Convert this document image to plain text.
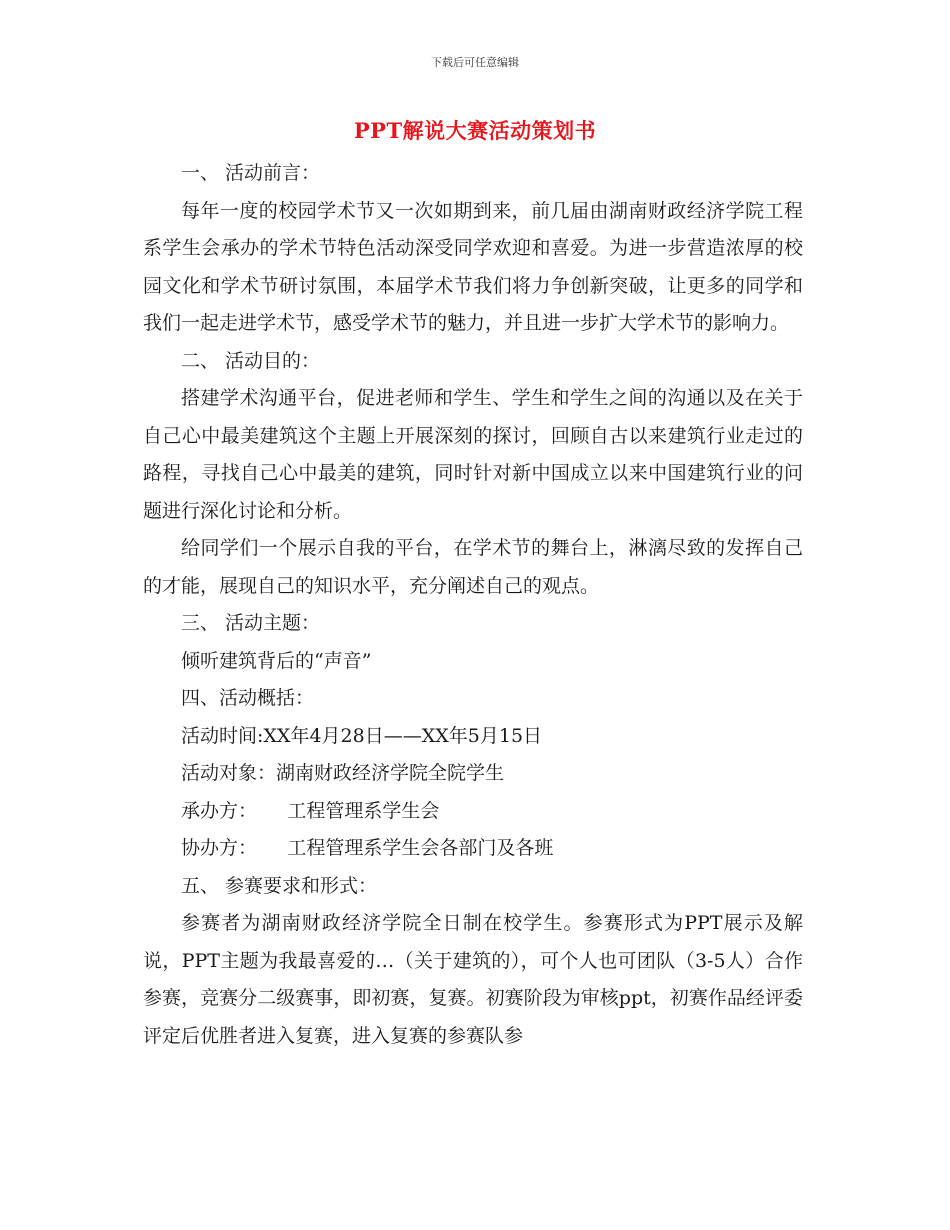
下载后可任意编辑
PPT解说大赛活动策划书

一、 活动前言：

每年一度的校园学术节又一次如期到来，前几届由湖南财政经济学院工程系学生会承办的学术节特色活动深受同学欢迎和喜爱。为进一步营造浓厚的校园文化和学术节研讨氛围，本届学术节我们将力争创新突破，让更多的同学和我们一起走进学术节，感受学术节的魅力，并且进一步扩大学术节的影响力。

二、 活动目的：

搭建学术沟通平台，促进老师和学生、学生和学生之间的沟通以及在关于自己心中最美建筑这个主题上开展深刻的探讨，回顾自古以来建筑行业走过的路程，寻找自己心中最美的建筑，同时针对新中国成立以来中国建筑行业的问题进行深化讨论和分析。

给同学们一个展示自我的平台，在学术节的舞台上，淋漓尽致的发挥自己的才能，展现自己的知识水平，充分阐述自己的观点。

三、 活动主题：

倾听建筑背后的“声音”

四、活动概括：

活动时间:XX年4月28日——XX年5月15日

活动对象：湖南财政经济学院全院学生

承办方： 工程管理系学生会

协办方： 工程管理系学生会各部门及各班

五、 参赛要求和形式：

参赛者为湖南财政经济学院全日制在校学生。参赛形式为PPT展示及解说，PPT主题为我最喜爱的…（关于建筑的），可个人也可团队（3-5人）合作参赛，竞赛分二级赛事，即初赛，复赛。初赛阶段为审核ppt，初赛作品经评委评定后优胜者进入复赛，进入复赛的参赛队参
